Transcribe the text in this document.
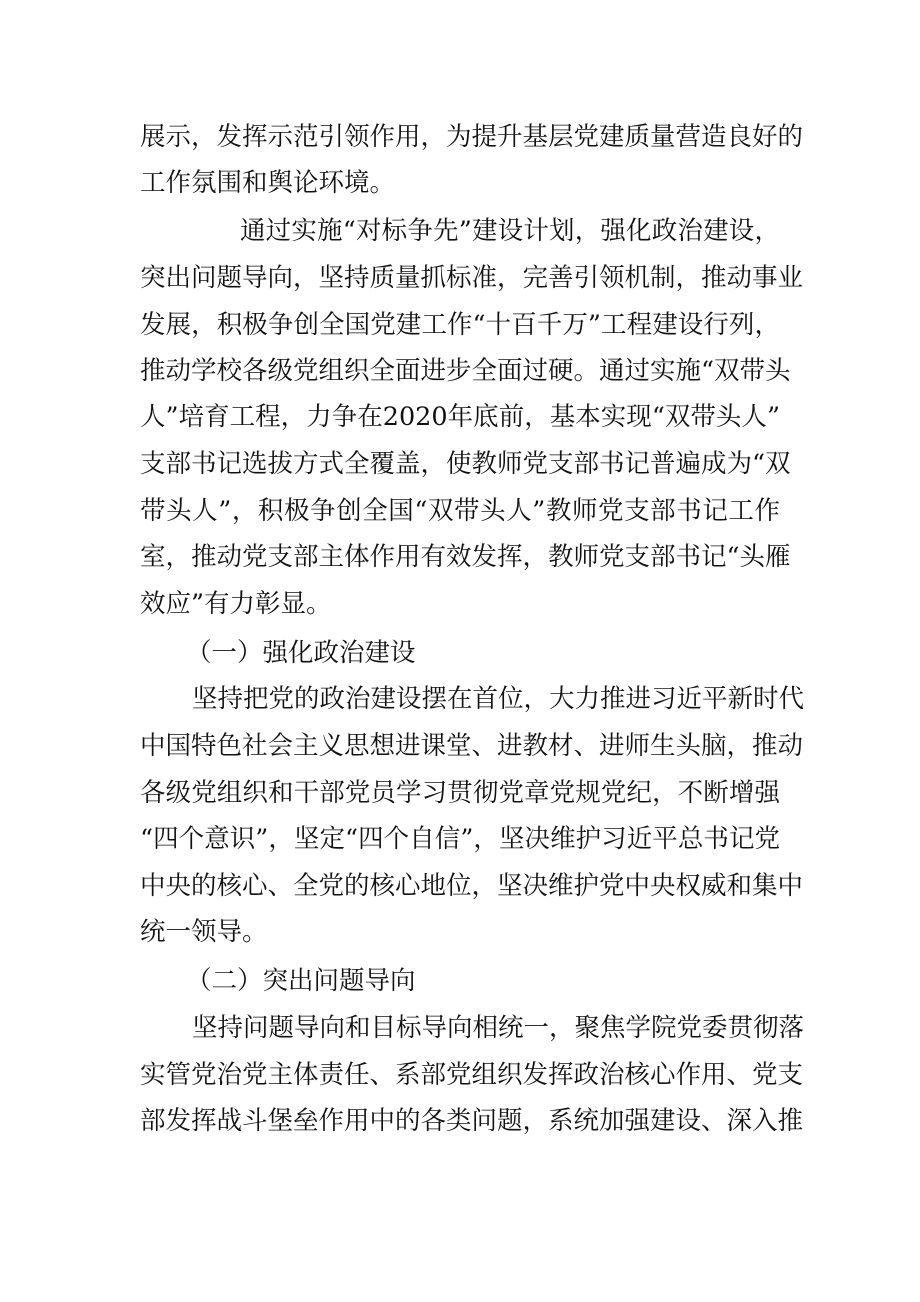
展示，发挥示范引领作用，为提升基层党建质量营造良好的
工作氛围和舆论环境。
通过实施“对标争先”建设计划，强化政治建设，
突出问题导向，坚持质量抓标准，完善引领机制，推动事业
发展，积极争创全国党建工作“十百千万”工程建设行列，
推动学校各级党组织全面进步全面过硬。通过实施“双带头
人”培育工程，力争在2020年底前，基本实现“双带头人”
支部书记选拔方式全覆盖，使教师党支部书记普遍成为“双
带头人”，积极争创全国“双带头人”教师党支部书记工作
室，推动党支部主体作用有效发挥，教师党支部书记“头雁
效应”有力彰显。
（一）强化政治建设
坚持把党的政治建设摆在首位，大力推进习近平新时代
中国特色社会主义思想进课堂、进教材、进师生头脑，推动
各级党组织和干部党员学习贯彻党章党规党纪，不断增强
“四个意识”，坚定“四个自信”，坚决维护习近平总书记党
中央的核心、全党的核心地位，坚决维护党中央权威和集中
统一领导。
（二）突出问题导向
坚持问题导向和目标导向相统一，聚焦学院党委贯彻落
实管党治党主体责任、系部党组织发挥政治核心作用、党支
部发挥战斗堡垒作用中的各类问题，系统加强建设、深入推
